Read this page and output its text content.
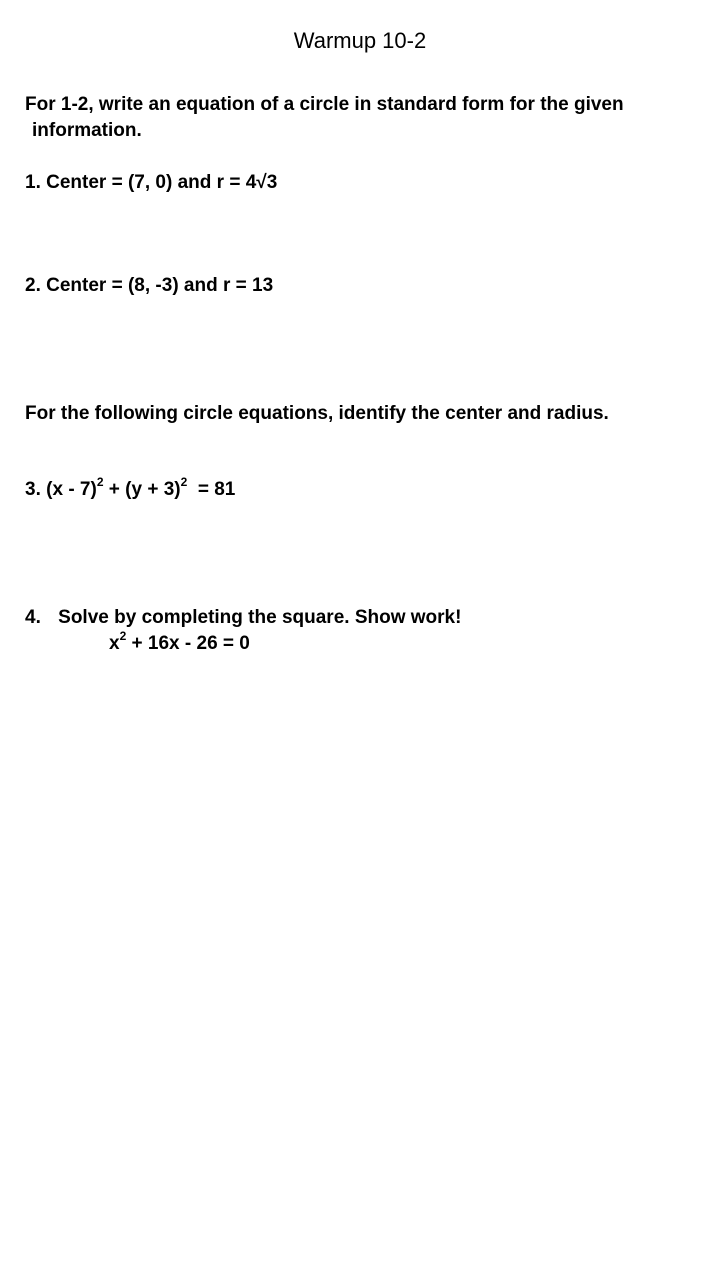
Warmup 10-2
For 1-2, write an equation of a circle in standard form for the given
information.
1. Center = (7, 0) and r = 4√3
2. Center = (8, -3) and r = 13
For the following circle equations, identify the center and radius.
3. $(x - 7)^2 + (y + 3)^2 = 81$
4. Solve by completing the square. Show work!
$x^2 + 16x - 26 = 0$
